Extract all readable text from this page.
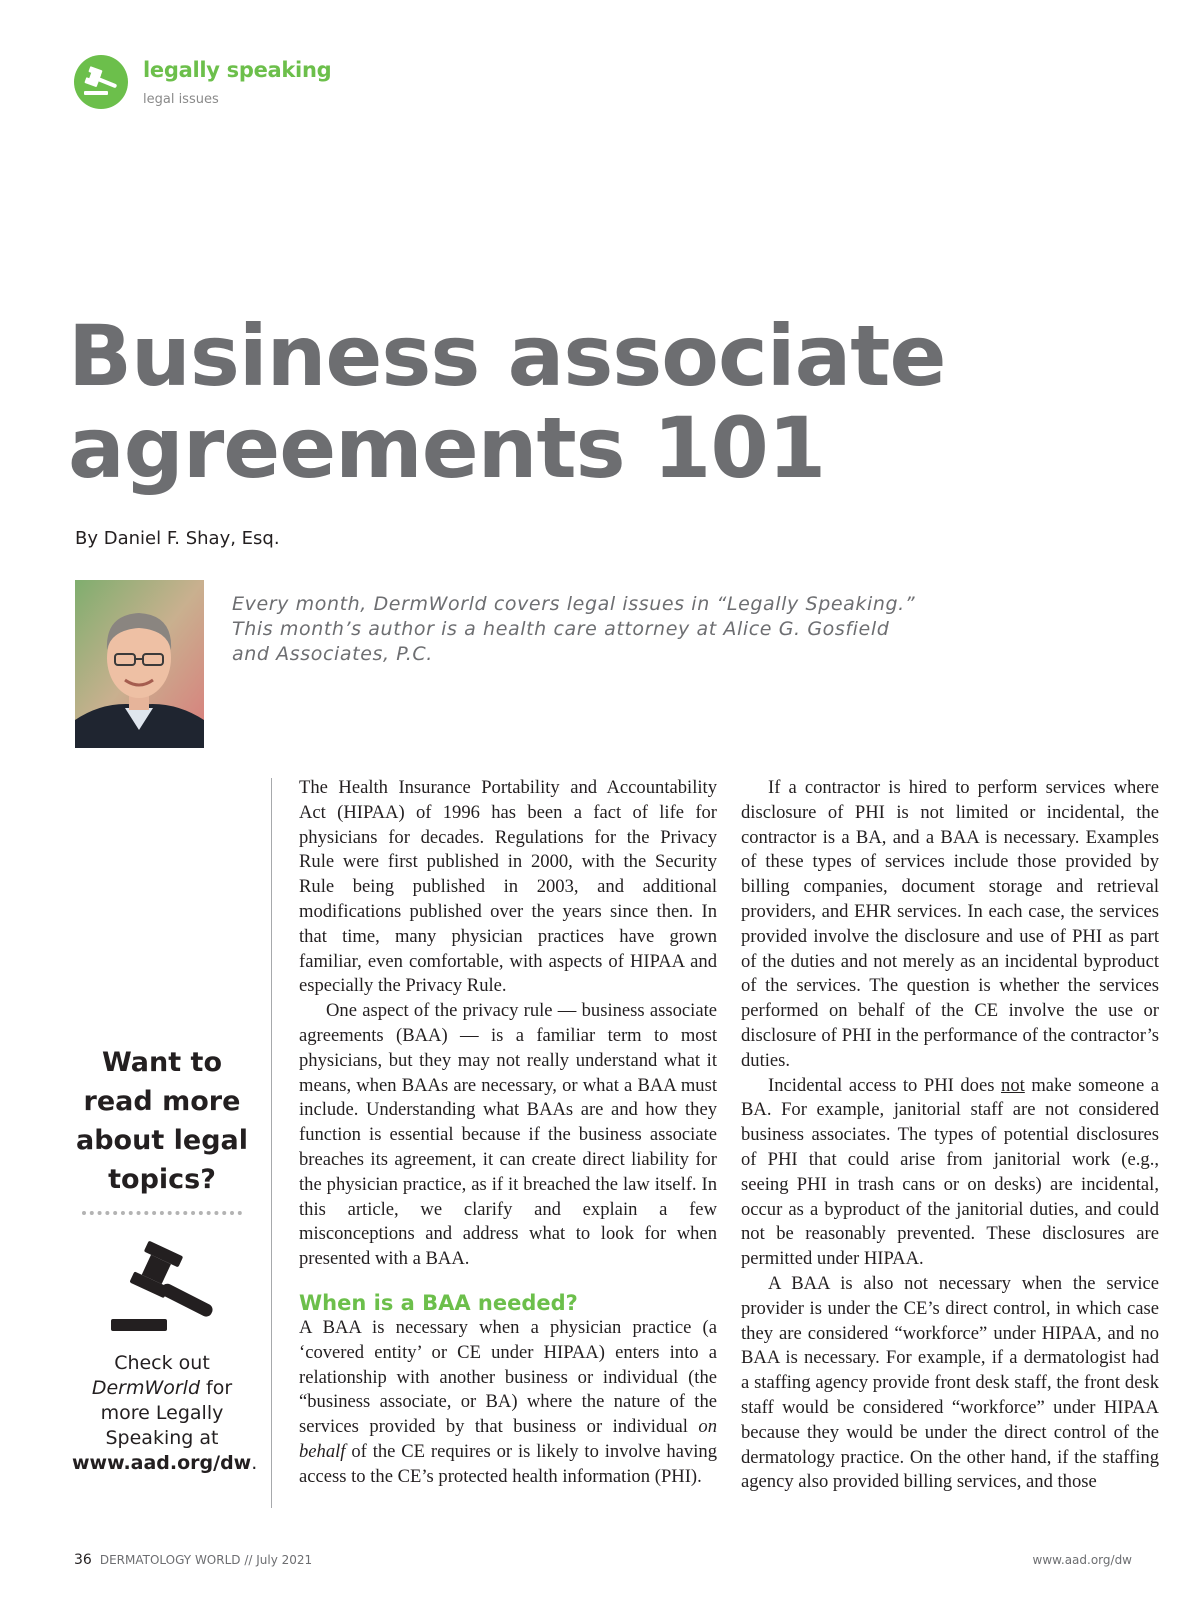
legally speaking
legal issues
Business associate
agreements 101
By Daniel F. Shay, Esq.
Every month, DermWorld covers legal issues in “Legally Speaking.” This month’s author is a health care attorney at Alice G. Gosfield and Associates, P.C.
Want to read more about legal topics?
Check out
DermWorld for more Legally Speaking at www.aad.org/dw.

The Health Insurance Portability and Accountability Act (HIPAA) of 1996 has been a fact of life for physicians for decades. Regulations for the Privacy Rule were first published in 2000, with the Security Rule being published in 2003, and additional modifications published over the years since then. In that time, many physician practices have grown familiar, even comfortable, with aspects of HIPAA and especially the Privacy Rule.

One aspect of the privacy rule — business associate agreements (BAA) — is a familiar term to most physicians, but they may not really understand what it means, when BAAs are necessary, or what a BAA must include. Understanding what BAAs are and how they function is essential because if the business associate breaches its agreement, it can create direct liability for the physician practice, as if it breached the law itself. In this article, we clarify and explain a few misconceptions and address what to look for when presented with a BAA.

When is a BAA needed?

A BAA is necessary when a physician practice (a ‘covered entity’ or CE under HIPAA) enters into a relationship with another business or individual (the “business associate, or BA) where the nature of the services provided by that business or individual on behalf of the CE requires or is likely to involve having access to the CE’s protected health information (PHI).

If a contractor is hired to perform services where disclosure of PHI is not limited or incidental, the contractor is a BA, and a BAA is necessary. Examples of these types of services include those provided by billing companies, document storage and retrieval providers, and EHR services. In each case, the services provided involve the disclosure and use of PHI as part of the duties and not merely as an incidental byproduct of the services. The question is whether the services performed on behalf of the CE involve the use or disclosure of PHI in the performance of the contractor’s duties.

Incidental access to PHI does not make someone a BA. For example, janitorial staff are not considered business associates. The types of potential disclosures of PHI that could arise from janitorial work (e.g., seeing PHI in trash cans or on desks) are incidental, occur as a byproduct of the janitorial duties, and could not be reasonably prevented. These disclosures are permitted under HIPAA.

A BAA is also not necessary when the service provider is under the CE’s direct control, in which case they are considered “workforce” under HIPAA, and no BAA is necessary. For example, if a dermatologist had a staffing agency provide front desk staff, the front desk staff would be considered “workforce” under HIPAA because they would be under the direct control of the dermatology practice. On the other hand, if the staffing agency also provided billing services, and those

36 DERMATOLOGY WORLD // July 2021	www.aad.org/dw
